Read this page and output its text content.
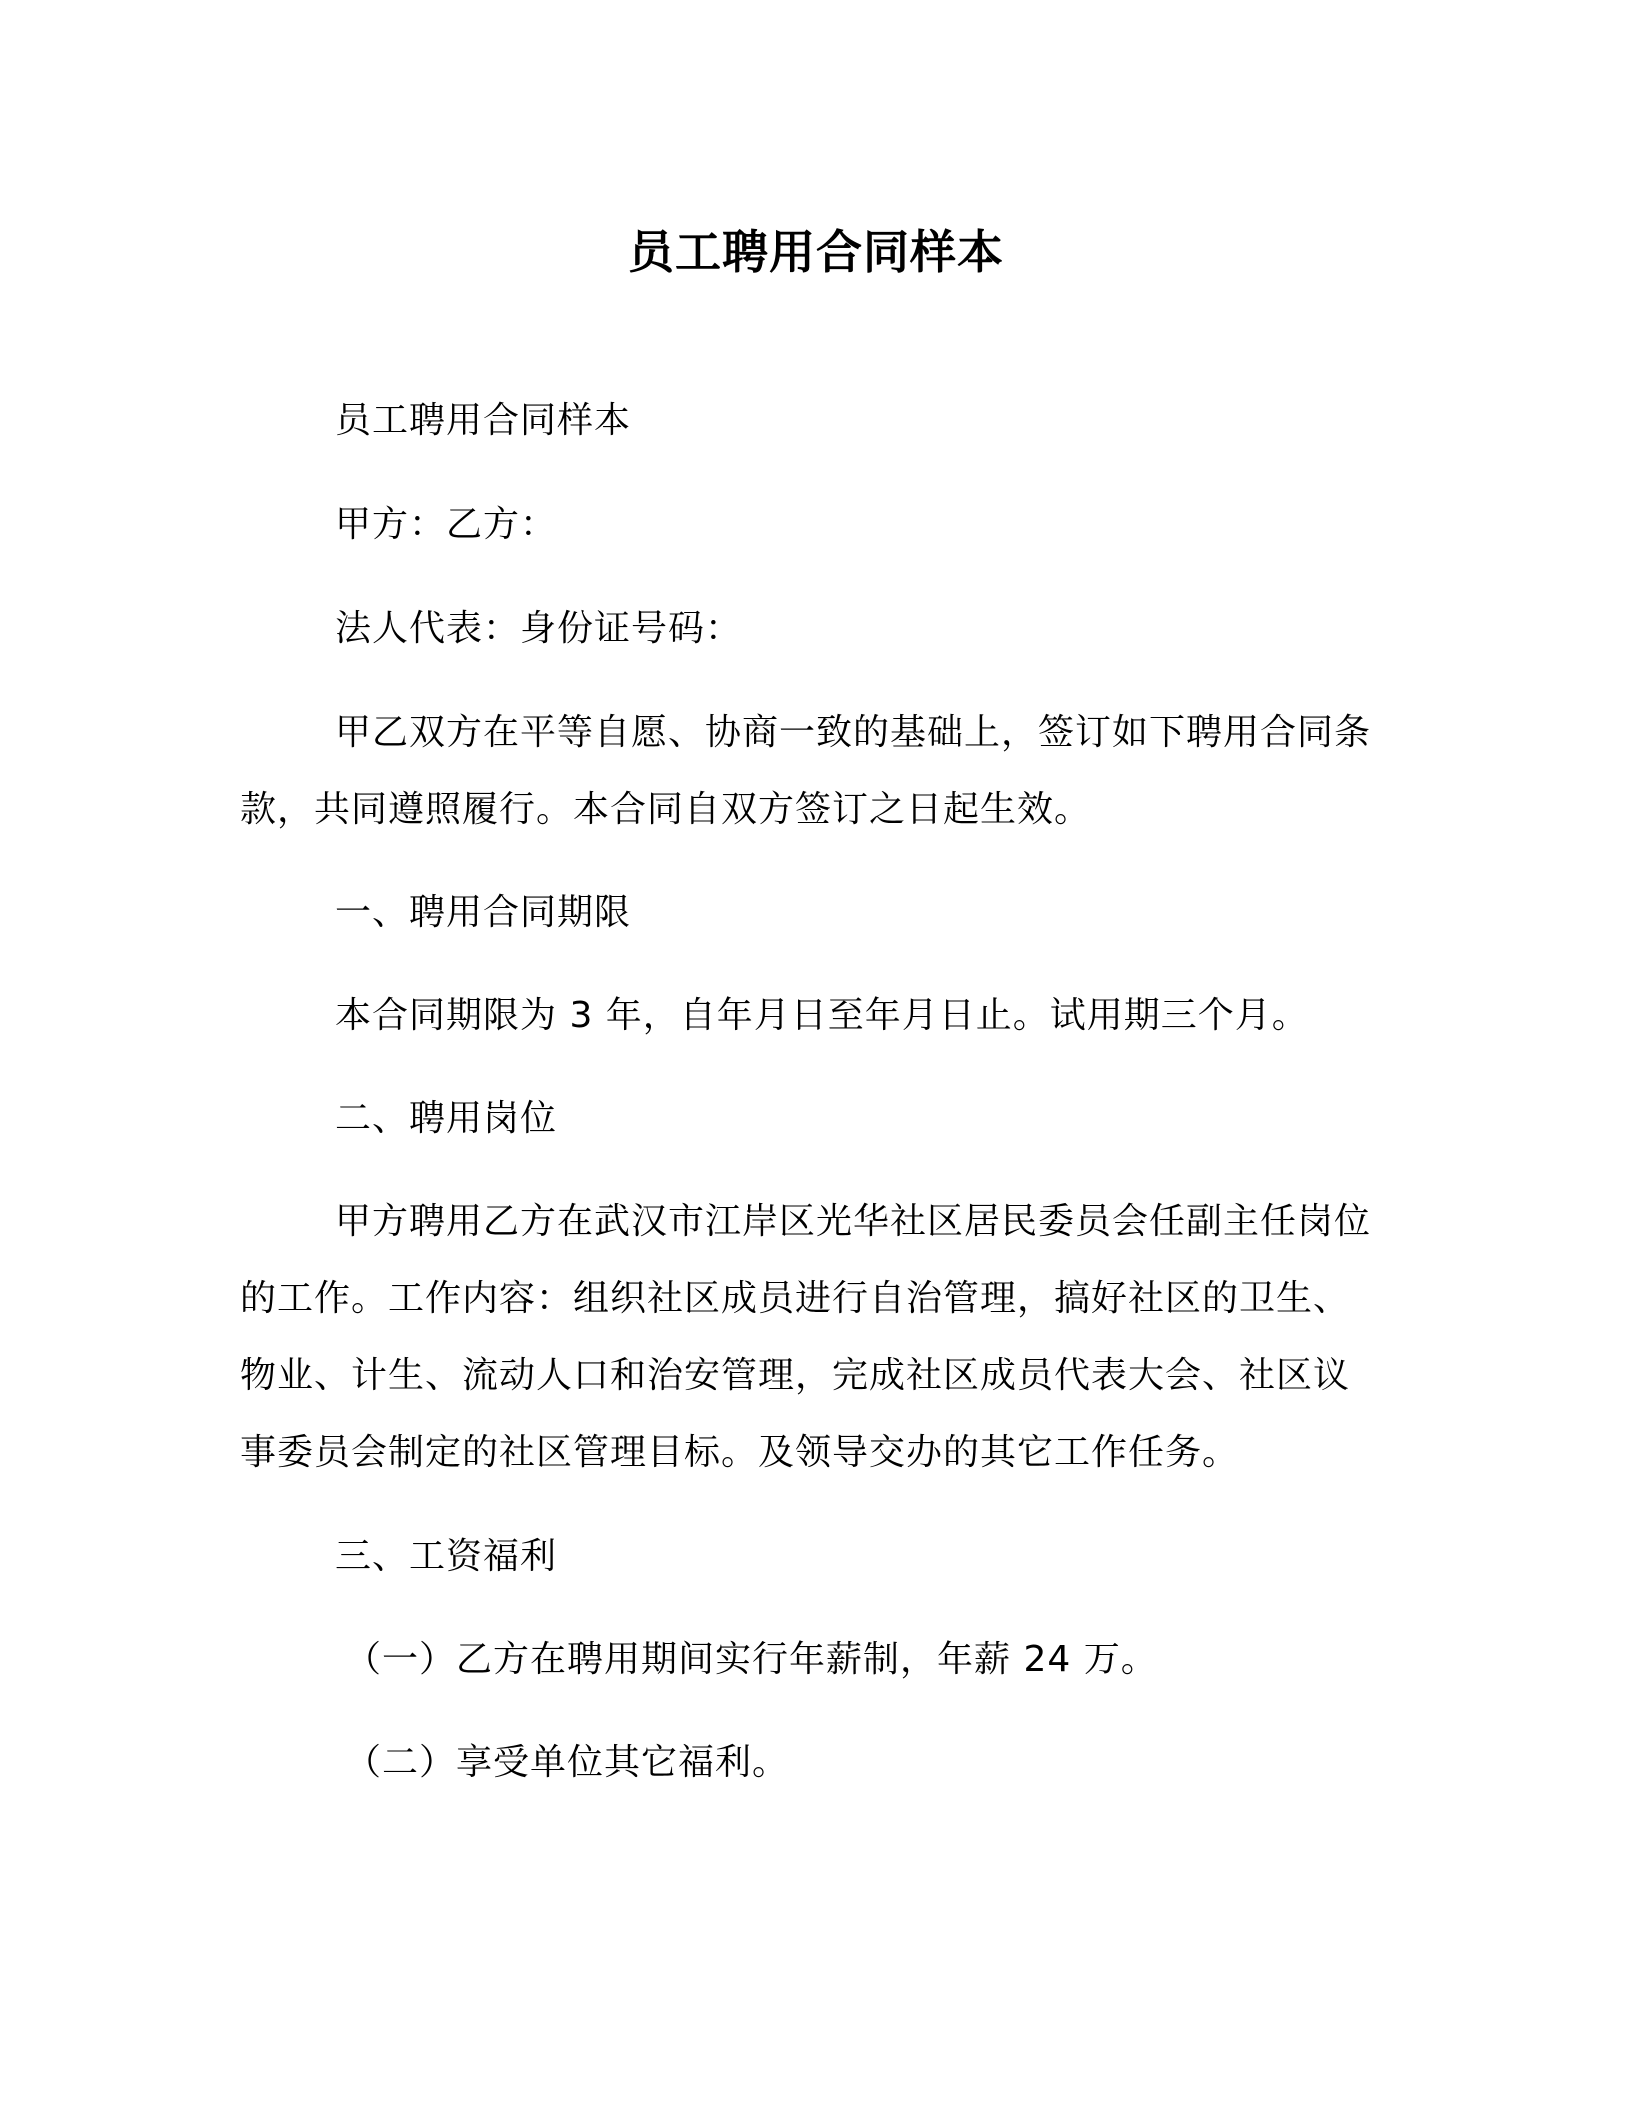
员工聘用合同样本
员工聘用合同样本
甲方：乙方：
法人代表：身份证号码：
甲乙双方在平等自愿、协商一致的基础上，签订如下聘用合同条
款，共同遵照履行。本合同自双方签订之日起生效。
一、聘用合同期限
本合同期限为 3 年，自年月日至年月日止。试用期三个月。
二、聘用岗位
甲方聘用乙方在武汉市江岸区光华社区居民委员会任副主任岗位
的工作。工作内容：组织社区成员进行自治管理，搞好社区的卫生、
物业、计生、流动人口和治安管理，完成社区成员代表大会、社区议
事委员会制定的社区管理目标。及领导交办的其它工作任务。
三、工资福利
（一）乙方在聘用期间实行年薪制，年薪 24 万。
（二）享受单位其它福利。
